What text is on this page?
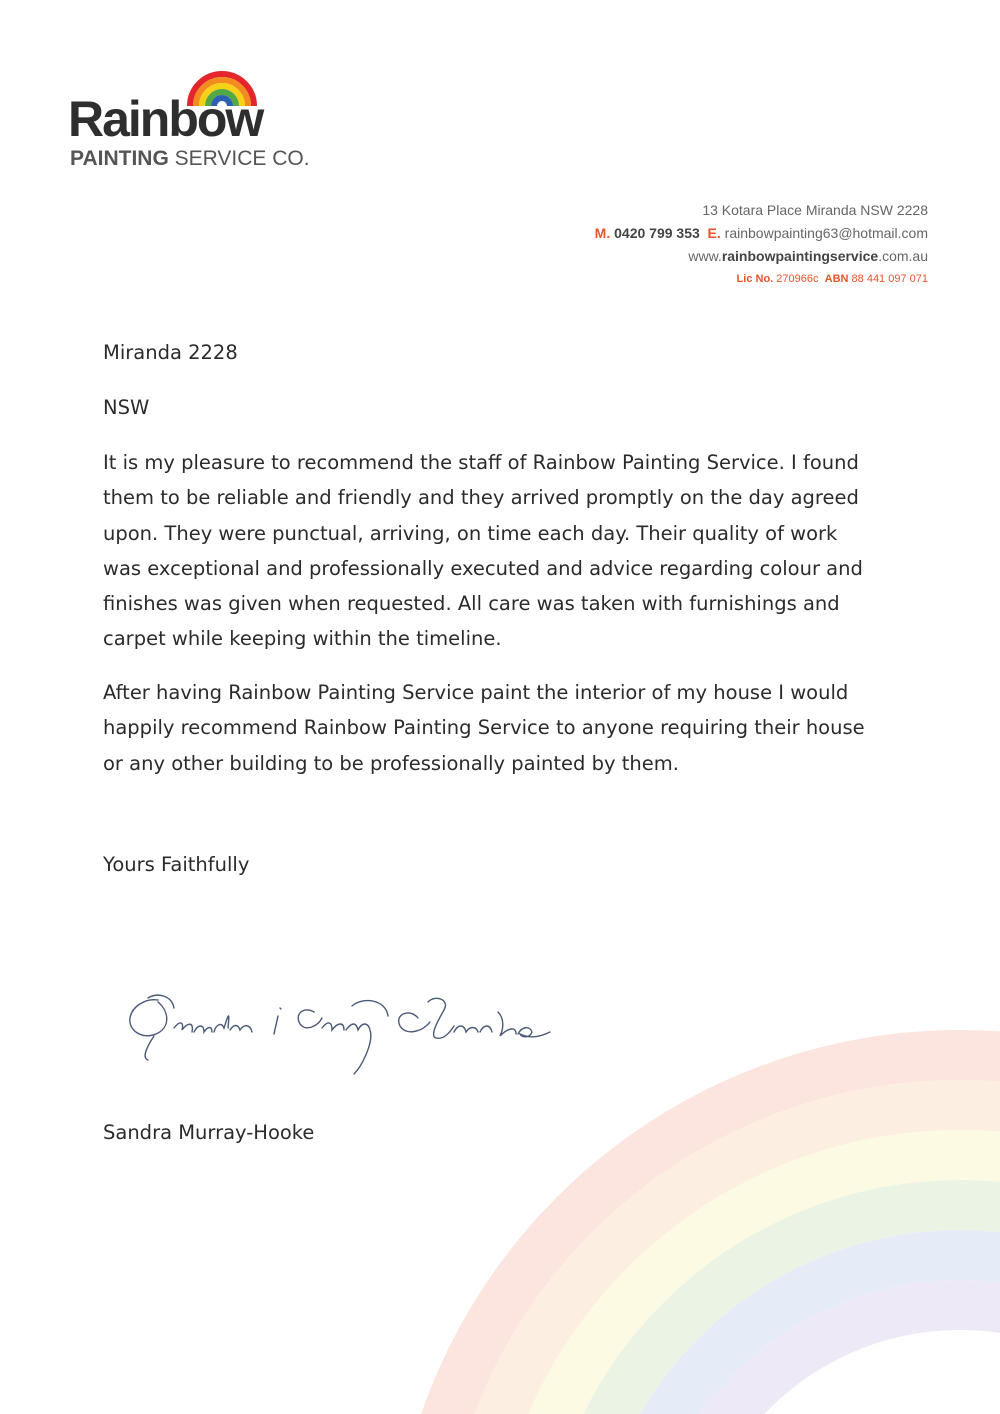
Rainbow
PAINTING SERVICE CO.
13 Kotara Place Miranda NSW 2228
M. 0420 799 353 E. rainbowpainting63@hotmail.com
www.rainbowpaintingservice.com.au
Lic No. 270966c ABN 88 441 097 071
Miranda 2228
NSW
It is my pleasure to recommend the staff of Rainbow Painting Service. I found
them to be reliable and friendly and they arrived promptly on the day agreed
upon. They were punctual, arriving, on time each day. Their quality of work
was exceptional and professionally executed and advice regarding colour and
finishes was given when requested. All care was taken with furnishings and
carpet while keeping within the timeline.
After having Rainbow Painting Service paint the interior of my house I would
happily recommend Rainbow Painting Service to anyone requiring their house
or any other building to be professionally painted by them.
Yours Faithfully
Sandra Murray-Hooke
